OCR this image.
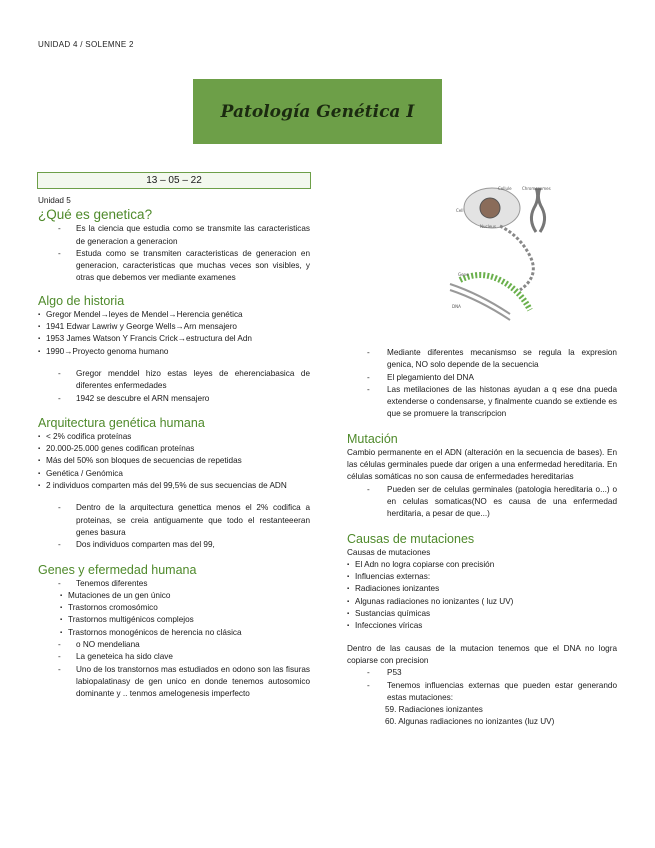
UNIDAD 4 / SOLEMNE 2
Patología Genética I
13 – 05 – 22

Unidad 5

¿Qué es genetica?

- Es la ciencia que estudia como se transmite las caracteristicas de generacion a generacion

- Estuda como se transmiten caracteristicas de generacion en generacion, caracteristicas que muchas veces son visibles, y otras que debemos ver mediante examenes

Algo de historia

▪ Gregor Mendel→leyes de Mendel→Herencia genética

▪ 1941 Edwar Lawriw y George Wells→Arn mensajero

▪ 1953 James Watson Y Francis Crick→estructura del Adn

▪ 1990→Proyecto genoma humano

- Gregor menddel hizo estas leyes de eherenciabasica de diferentes enfermedades

- 1942 se descubre el ARN mensajero

Arquitectura genética humana

▪ < 2% codifica proteínas

▪ 20.000-25.000 genes codifican proteínas

▪ Más del 50% son bloques de secuencias de repetidas

▪ Genética / Genómica

▪ 2 individuos comparten más del 99,5% de sus secuencias de ADN

- Dentro de la arquitectura genettica menos el 2% codifica a proteinas, se creia antiguamente que todo el restanteeeran genes basura

- Dos individuos comparten mas del 99,

Genes y efermedad humana

- Tenemos diferentes

▪ Mutaciones de un gen único

▪ Trastornos cromosómico

▪ Trastornos multigénicos complejos

▪ Trastornos monogénicos de herencia no clásica

- o NO mendeliana

- La geneteica ha sido clave

- Uno de los transtornos mas estudiados en odono son las fisuras labiopalatinasy de gen unico en donde tenemos autosomico dominante y .. tenmos amelogenesis imperfecto

Cellule	Chromosomes
Cell
Nucleus
Gene
DNA

- Mediante diferentes mecanismso se regula la expresion genica, NO solo depende de la secuencia

- El plegamiento del DNA

- Las metilaciones de las histonas ayudan a q ese dna pueda extenderse o condensarse, y finalmente cuando se extiende es que se promuere la transcripcion

Mutación

Cambio permanente en el ADN (alteración en la secuencia de bases). En las células germinales puede dar origen a una enfermedad hereditaria. En células somáticas no son causa de enfermedades hereditarias

- Pueden ser de celulas germinales (patologia hereditaria o...) o en celulas somaticas(NO es causa de una enfermedad herditaria, a pesar de que...)

Causas de mutaciones

Causas de mutaciones

▪ El Adn no logra copiarse con precisión

▪ Influencias externas:

▪ Radiaciones ionizantes

▪ Algunas radiaciones no ionizantes ( luz UV)

▪ Sustancias químicas

▪ Infecciones víricas

Dentro de las causas de la mutacion tenemos que el DNA no logra copiarse con precision

- P53

- Tenemos influencias externas que pueden estar generando estas mutaciones:

59. Radiaciones ionizantes

60. Algunas radiaciones no ionizantes (luz UV)
